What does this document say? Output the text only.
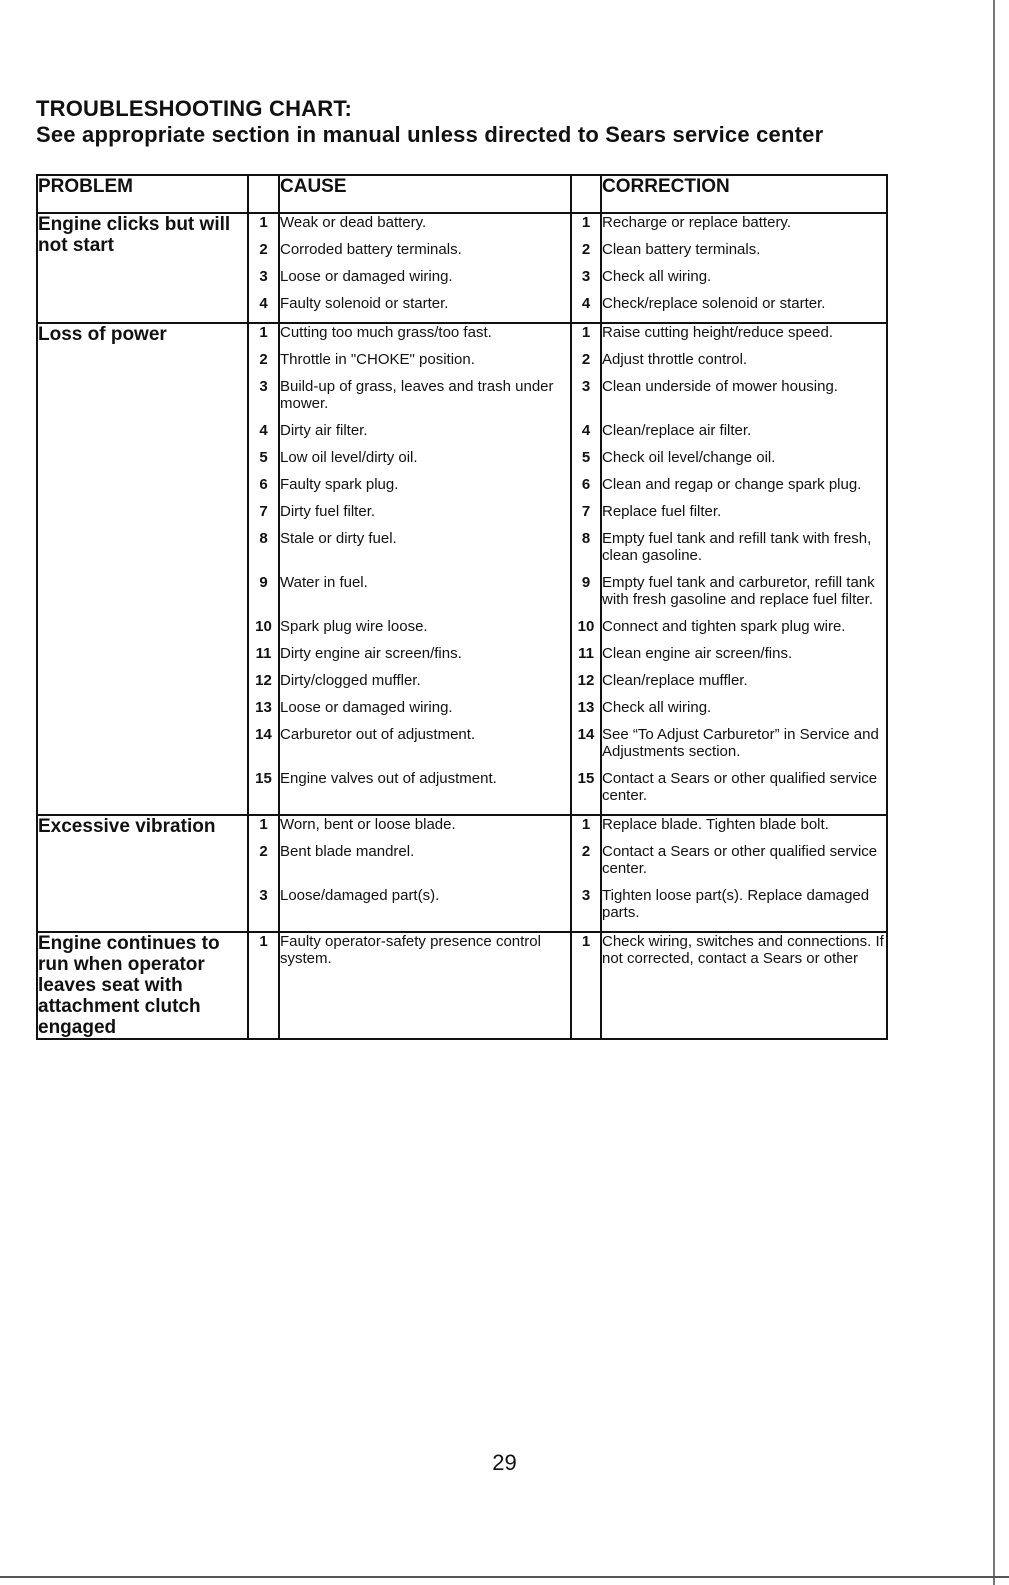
TROUBLESHOOTING CHART:
See appropriate section in manual unless directed to Sears service center
PROBLEM		CAUSE		CORRECTION
Engine clicks but will not start	1	Weak or dead battery.	1	Recharge or replace battery.
	2	Corroded battery terminals.	2	Clean battery terminals.
	3	Loose or damaged wiring.	3	Check all wiring.
	4	Faulty solenoid or starter.	4	Check/replace solenoid or starter.
Loss of power	1	Cutting too much grass/too fast.	1	Raise cutting height/reduce speed.
	2	Throttle in "CHOKE" position.	2	Adjust throttle control.
	3	Build-up of grass, leaves and trash under mower.	3	Clean underside of mower housing.
	4	Dirty air filter.	4	Clean/replace air filter.
	5	Low oil level/dirty oil.	5	Check oil level/change oil.
	6	Faulty spark plug.	6	Clean and regap or change spark plug.
	7	Dirty fuel filter.	7	Replace fuel filter.
	8	Stale or dirty fuel.	8	Empty fuel tank and refill tank with fresh, clean gasoline.
	9	Water in fuel.	9	Empty fuel tank and carburetor, refill tank with fresh gasoline and replace fuel filter.
	10	Spark plug wire loose.	10	Connect and tighten spark plug wire.
	11	Dirty engine air screen/fins.	11	Clean engine air screen/fins.
	12	Dirty/clogged muffler.	12	Clean/replace muffler.
	13	Loose or damaged wiring.	13	Check all wiring.
	14	Carburetor out of adjustment.	14	See “To Adjust Carburetor” in Service and Adjustments section.
	15	Engine valves out of adjustment.	15	Contact a Sears or other qualified service center.
Excessive vibration	1	Worn, bent or loose blade.	1	Replace blade. Tighten blade bolt.
	2	Bent blade mandrel.	2	Contact a Sears or other qualified service center.
	3	Loose/damaged part(s).	3	Tighten loose part(s). Replace damaged parts.
Engine continues to run when operator leaves seat with attachment clutch engaged	1	Faulty operator-safety presence control system.	1	Check wiring, switches and connections. If not corrected, contact a Sears or other
29
